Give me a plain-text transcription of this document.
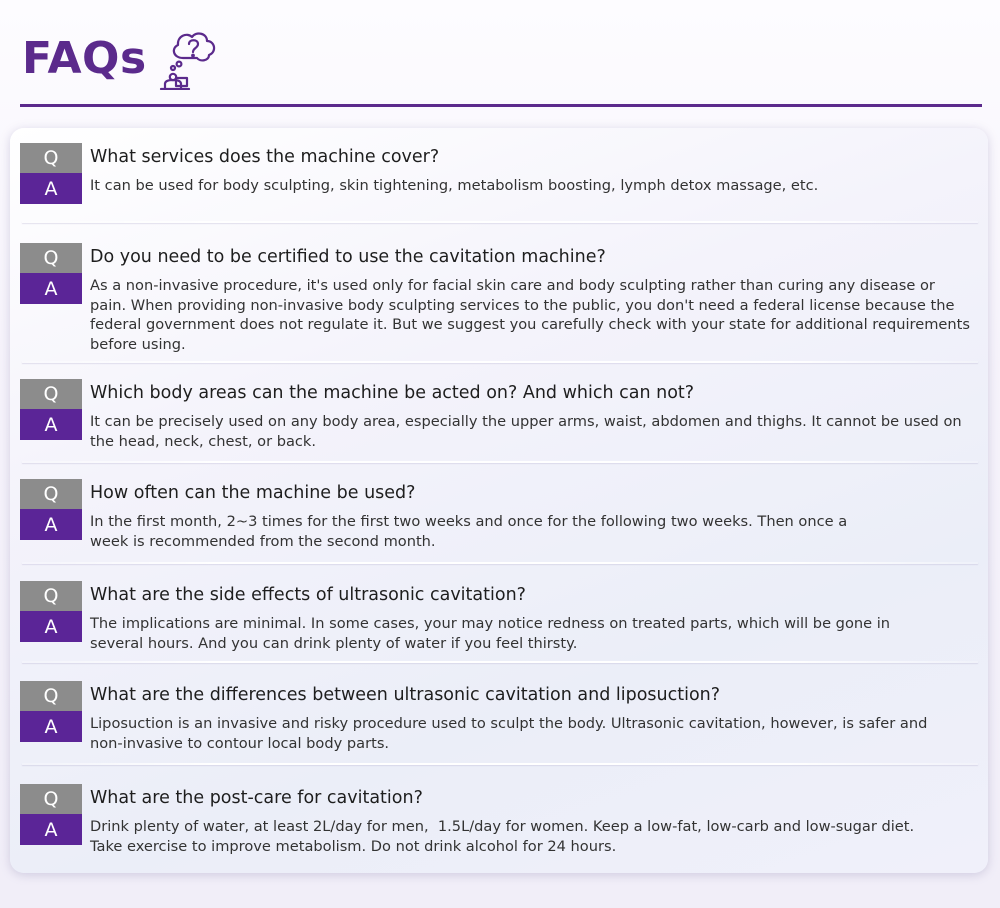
FAQs
Q
A
What services does the machine cover?
It can be used for body sculpting, skin tightening, metabolism boosting, lymph detox massage, etc.
Q
A
Do you need to be certified to use the cavitation machine?
As a non-invasive procedure, it's used only for facial skin care and body sculpting rather than curing any disease or pain. When providing non-invasive body sculpting services to the public, you don't need a federal license because the federal government does not regulate it. But we suggest you carefully check with your state for additional requirements before using.
Q
A
Which body areas can the machine be acted on? And which can not?
It can be precisely used on any body area, especially the upper arms, waist, abdomen and thighs. It cannot be used on the head, neck, chest, or back.
Q
A
How often can the machine be used?
In the first month, 2~3 times for the first two weeks and once for the following two weeks. Then once a week is recommended from the second month.
Q
A
What are the side effects of ultrasonic cavitation?
The implications are minimal. In some cases, your may notice redness on treated parts, which will be gone in several hours. And you can drink plenty of water if you feel thirsty.
Q
A
What are the differences between ultrasonic cavitation and liposuction?
Liposuction is an invasive and risky procedure used to sculpt the body. Ultrasonic cavitation, however, is safer and non-invasive to contour local body parts.
Q
A
What are the post-care for cavitation?
Drink plenty of water, at least 2L/day for men,  1.5L/day for women. Keep a low-fat, low-carb and low-sugar diet. Take exercise to improve metabolism. Do not drink alcohol for 24 hours.
